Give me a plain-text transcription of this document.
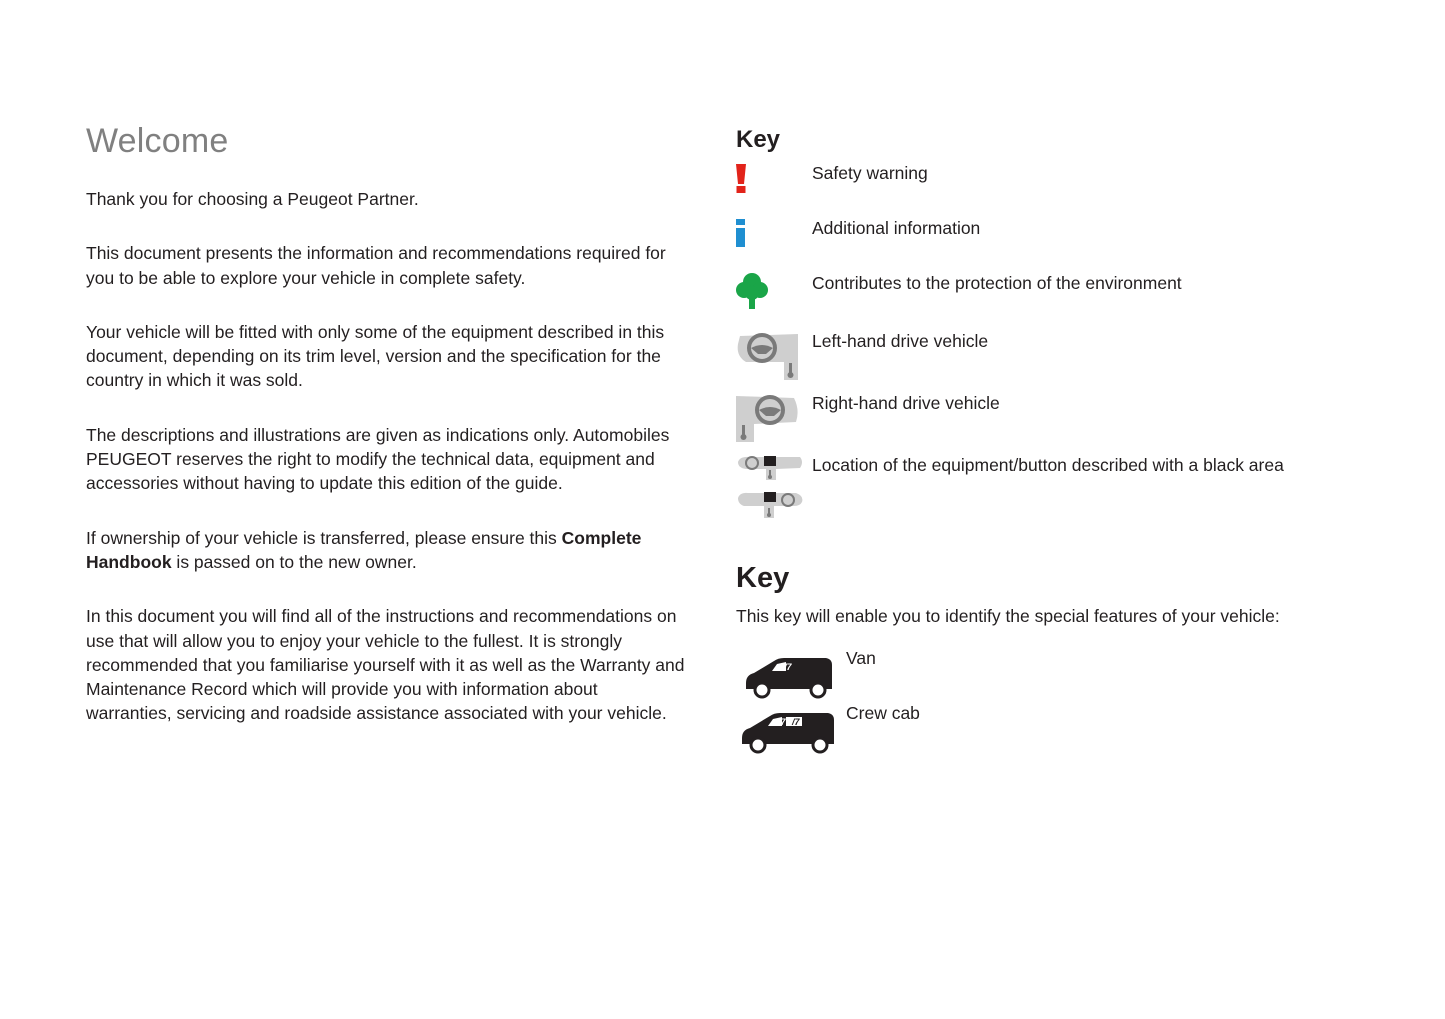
Welcome

Thank you for choosing a Peugeot Partner.

This document presents the information and recommendations required for you to be able to explore your vehicle in complete safety.

Your vehicle will be fitted with only some of the equipment described in this document, depending on its trim level, version and the specification for the country in which it was sold.

The descriptions and illustrations are given as indications only. Automobiles PEUGEOT reserves the right to modify the technical data, equipment and accessories without having to update this edition of the guide.

If ownership of your vehicle is transferred, please ensure this Complete Handbook is passed on to the new owner.

In this document you will find all of the instructions and recommendations on use that will allow you to enjoy your vehicle to the fullest. It is strongly recommended that you familiarise yourself with it as well as the Warranty and Maintenance Record which will provide you with information about warranties, servicing and roadside assistance associated with your vehicle.

Key
Safety warning
Additional information
Contributes to the protection of the environment
Left-hand drive vehicle
Right-hand drive vehicle
Location of the equipment/button described with a black area
Key
This key will enable you to identify the special features of your vehicle:
/7	Van
/7 /7	Crew cab
